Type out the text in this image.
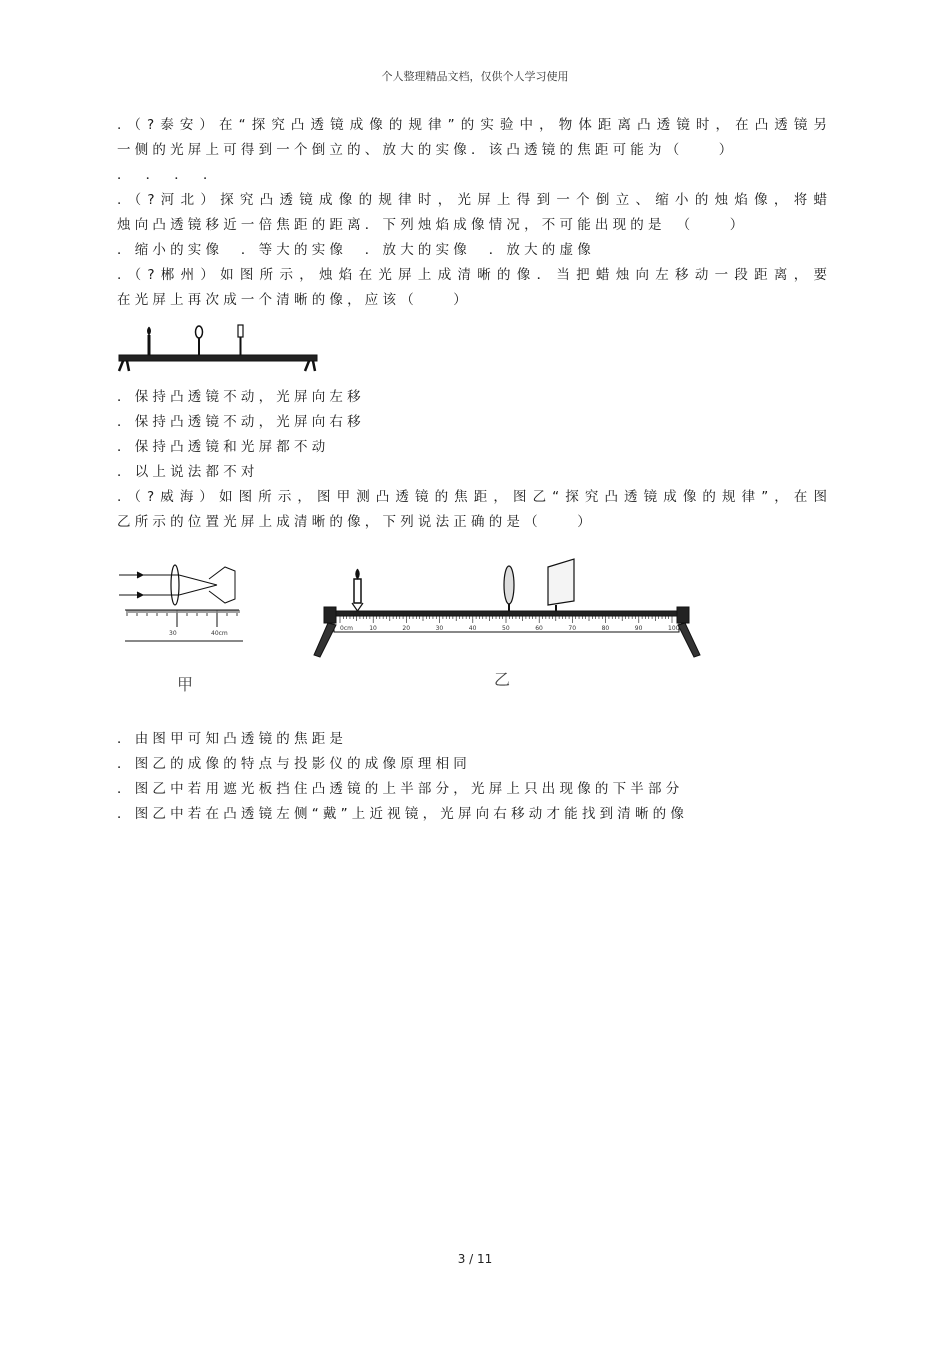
个人整理精品文档，仅供个人学习使用
.（?泰安）在“探究凸透镜成像的规律”的实验中，物体距离凸透镜时，在凸透镜另
一侧的光屏上可得到一个倒立的、放大的实像．该凸透镜的焦距可能为（　　）
．　．　．　．
.（?河北）探究凸透镜成像的规律时，光屏上得到一个倒立、缩小的烛焰像，将蜡
烛向凸透镜移近一倍焦距的距离．下列烛焰成像情况，不可能出现的是　（　　）
．缩小的实像　．等大的实像　．放大的实像　．放大的虚像
.（?郴州）如图所示，烛焰在光屏上成清晰的像．当把蜡烛向左移动一段距离，要
在光屏上再次成一个清晰的像，应该（　　）
．保持凸透镜不动，光屏向左移
．保持凸透镜不动，光屏向右移
．保持凸透镜和光屏都不动
．以上说法都不对
.（?威海）如图所示，图甲测凸透镜的焦距，图乙“探究凸透镜成像的规律”，在图
乙所示的位置光屏上成清晰的像，下列说法正确的是（　　）
30	40cm
甲
0cm	10	20	30	40	50	60	70	80	90	100
乙
．由图甲可知凸透镜的焦距是
．图乙的成像的特点与投影仪的成像原理相同
．图乙中若用遮光板挡住凸透镜的上半部分，光屏上只出现像的下半部分
．图乙中若在凸透镜左侧“戴”上近视镜，光屏向右移动才能找到清晰的像
3 / 11
